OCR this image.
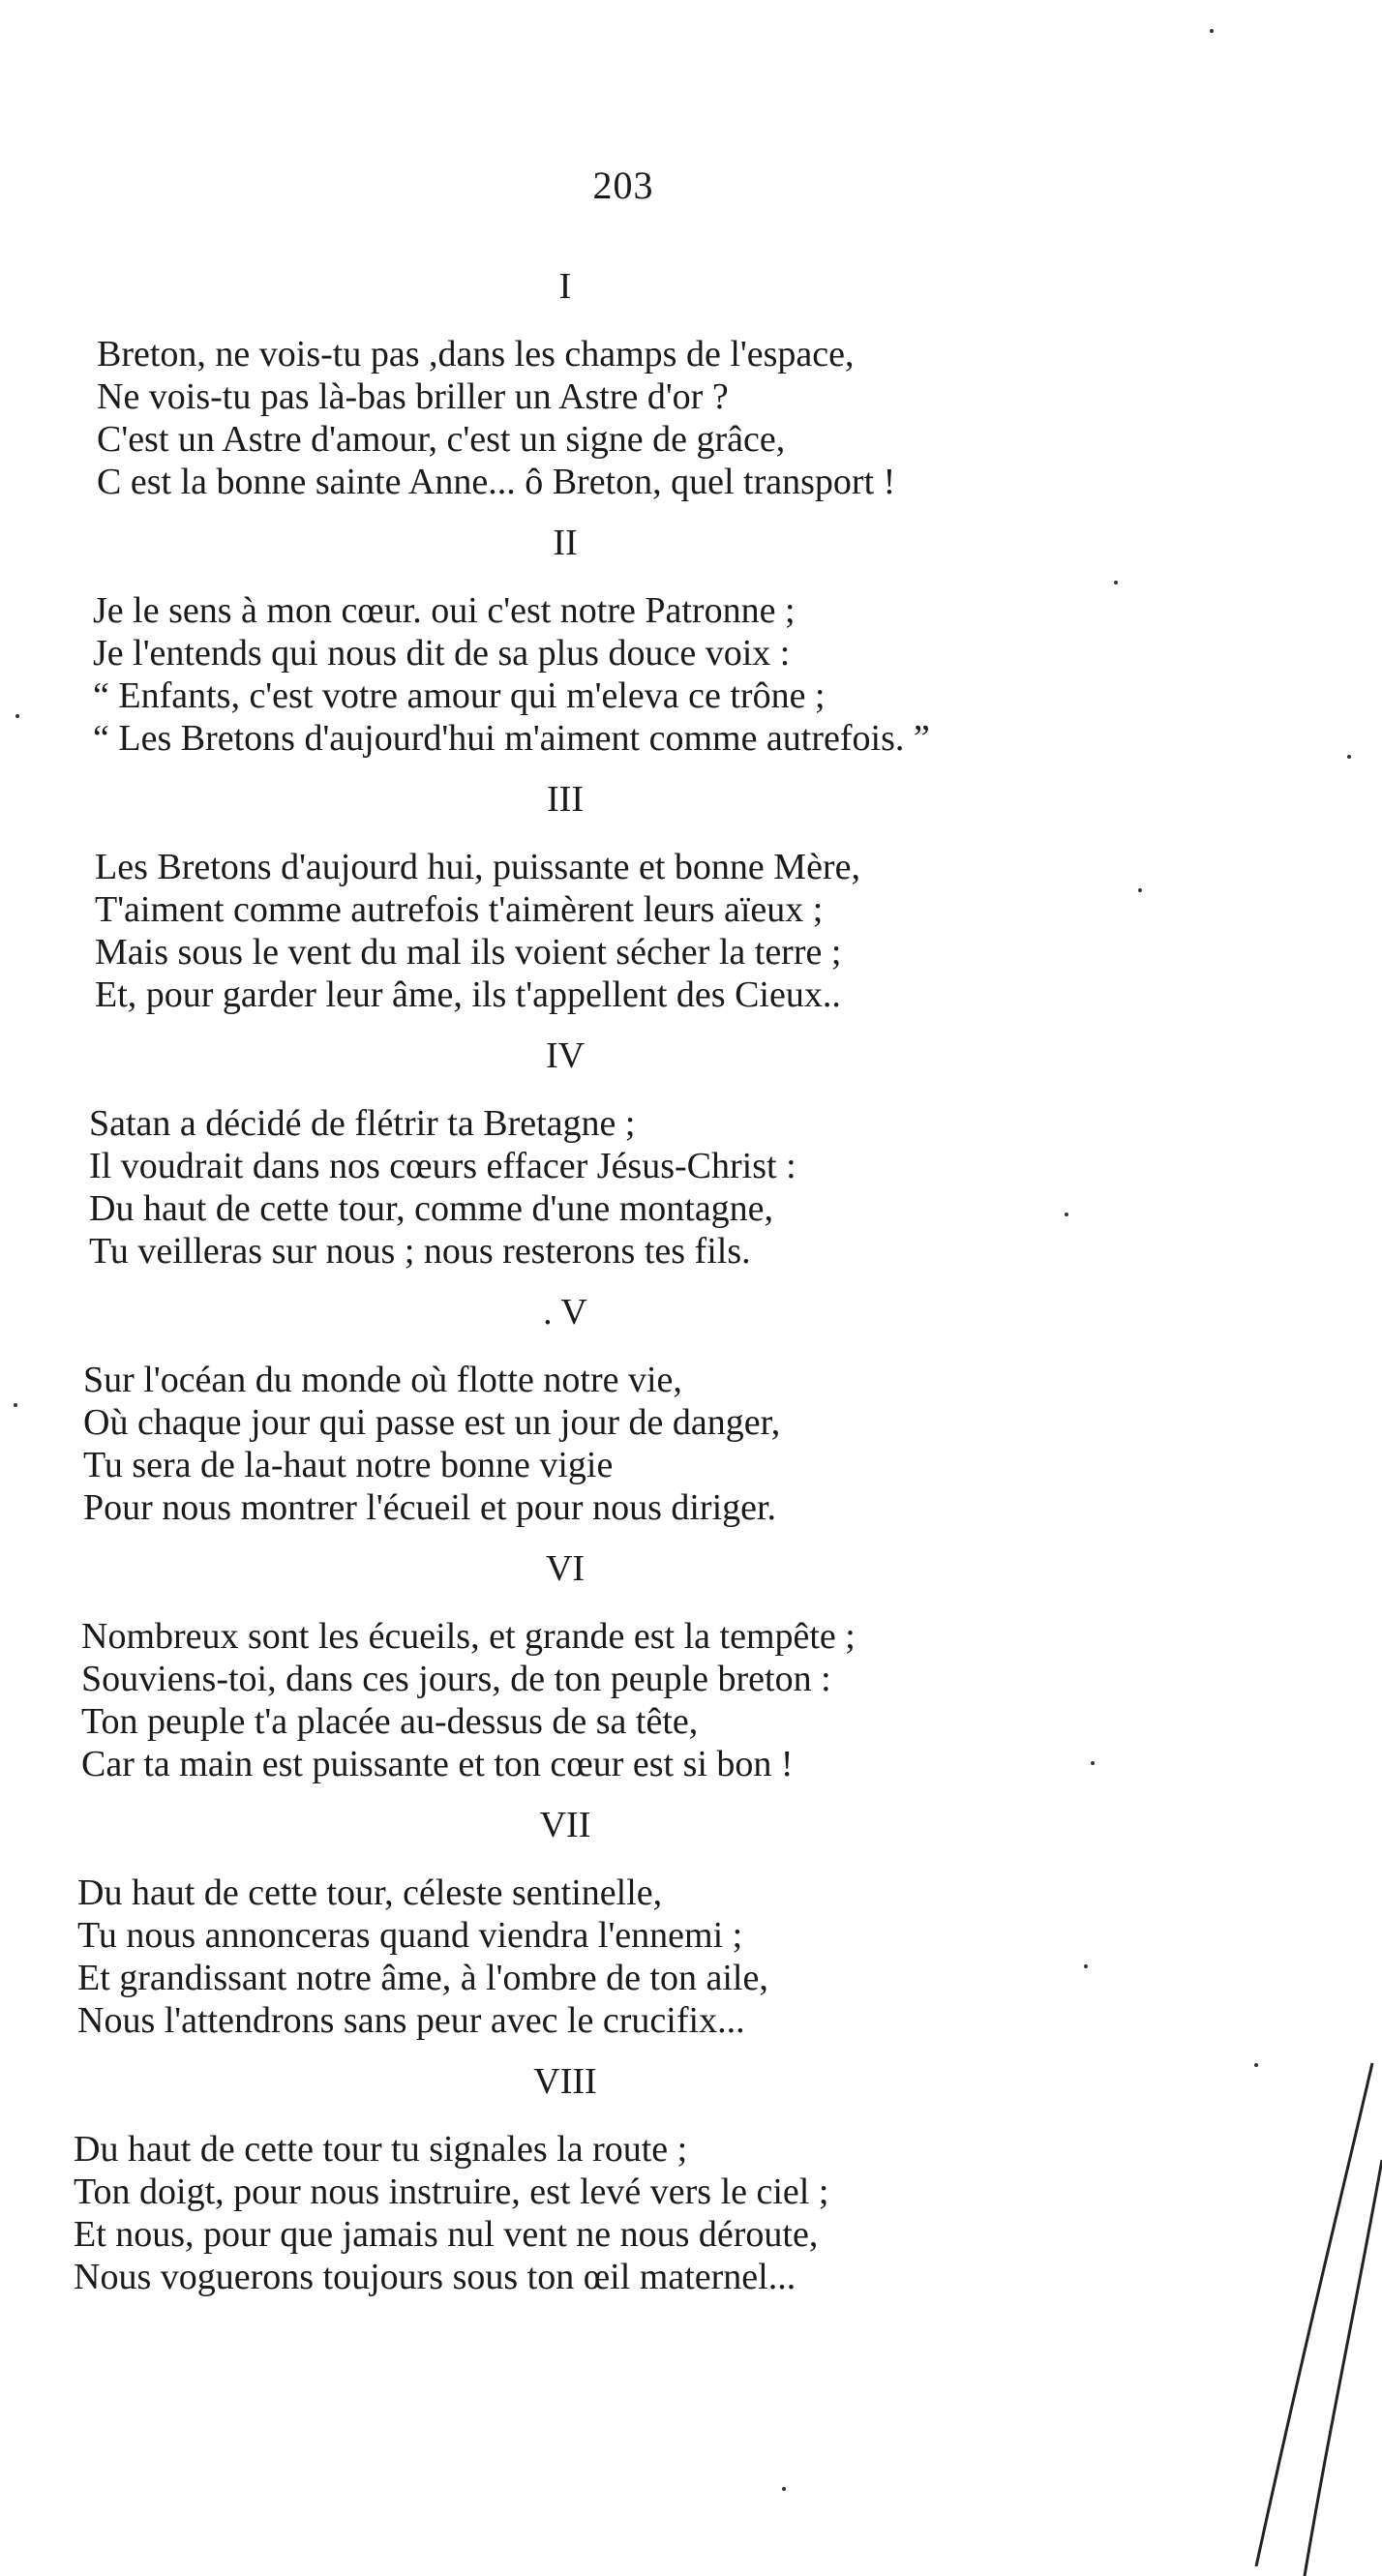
203
I
Breton, ne vois-tu pas ,dans les champs de l'espace,
Ne vois-tu pas là-bas briller un Astre d'or ?
C'est un Astre d'amour, c'est un signe de grâce,
C est la bonne sainte Anne... ô Breton, quel transport !
II
Je le sens à mon cœur. oui c'est notre Patronne ;
Je l'entends qui nous dit de sa plus douce voix :
“ Enfants, c'est votre amour qui m'eleva ce trône ;
“ Les Bretons d'aujourd'hui m'aiment comme autrefois. ”
III
Les Bretons d'aujourd hui, puissante et bonne Mère,
T'aiment comme autrefois t'aimèrent leurs aïeux ;
Mais sous le vent du mal ils voient sécher la terre ;
Et, pour garder leur âme, ils t'appellent des Cieux..
IV
Satan a décidé de flétrir ta Bretagne ;
Il voudrait dans nos cœurs effacer Jésus-Christ :
Du haut de cette tour, comme d'une montagne,
Tu veilleras sur nous ; nous resterons tes fils.
. V
Sur l'océan du monde où flotte notre vie,
Où chaque jour qui passe est un jour de danger,
Tu sera de la-haut notre bonne vigie
Pour nous montrer l'écueil et pour nous diriger.
VI
Nombreux sont les écueils, et grande est la tempête ;
Souviens-toi, dans ces jours, de ton peuple breton :
Ton peuple t'a placée au-dessus de sa tête,
Car ta main est puissante et ton cœur est si bon !
VII
Du haut de cette tour, céleste sentinelle,
Tu nous annonceras quand viendra l'ennemi ;
Et grandissant notre âme, à l'ombre de ton aile,
Nous l'attendrons sans peur avec le crucifix...
VIII
Du haut de cette tour tu signales la route ;
Ton doigt, pour nous instruire, est levé vers le ciel ;
Et nous, pour que jamais nul vent ne nous déroute,
Nous voguerons toujours sous ton œil maternel...
